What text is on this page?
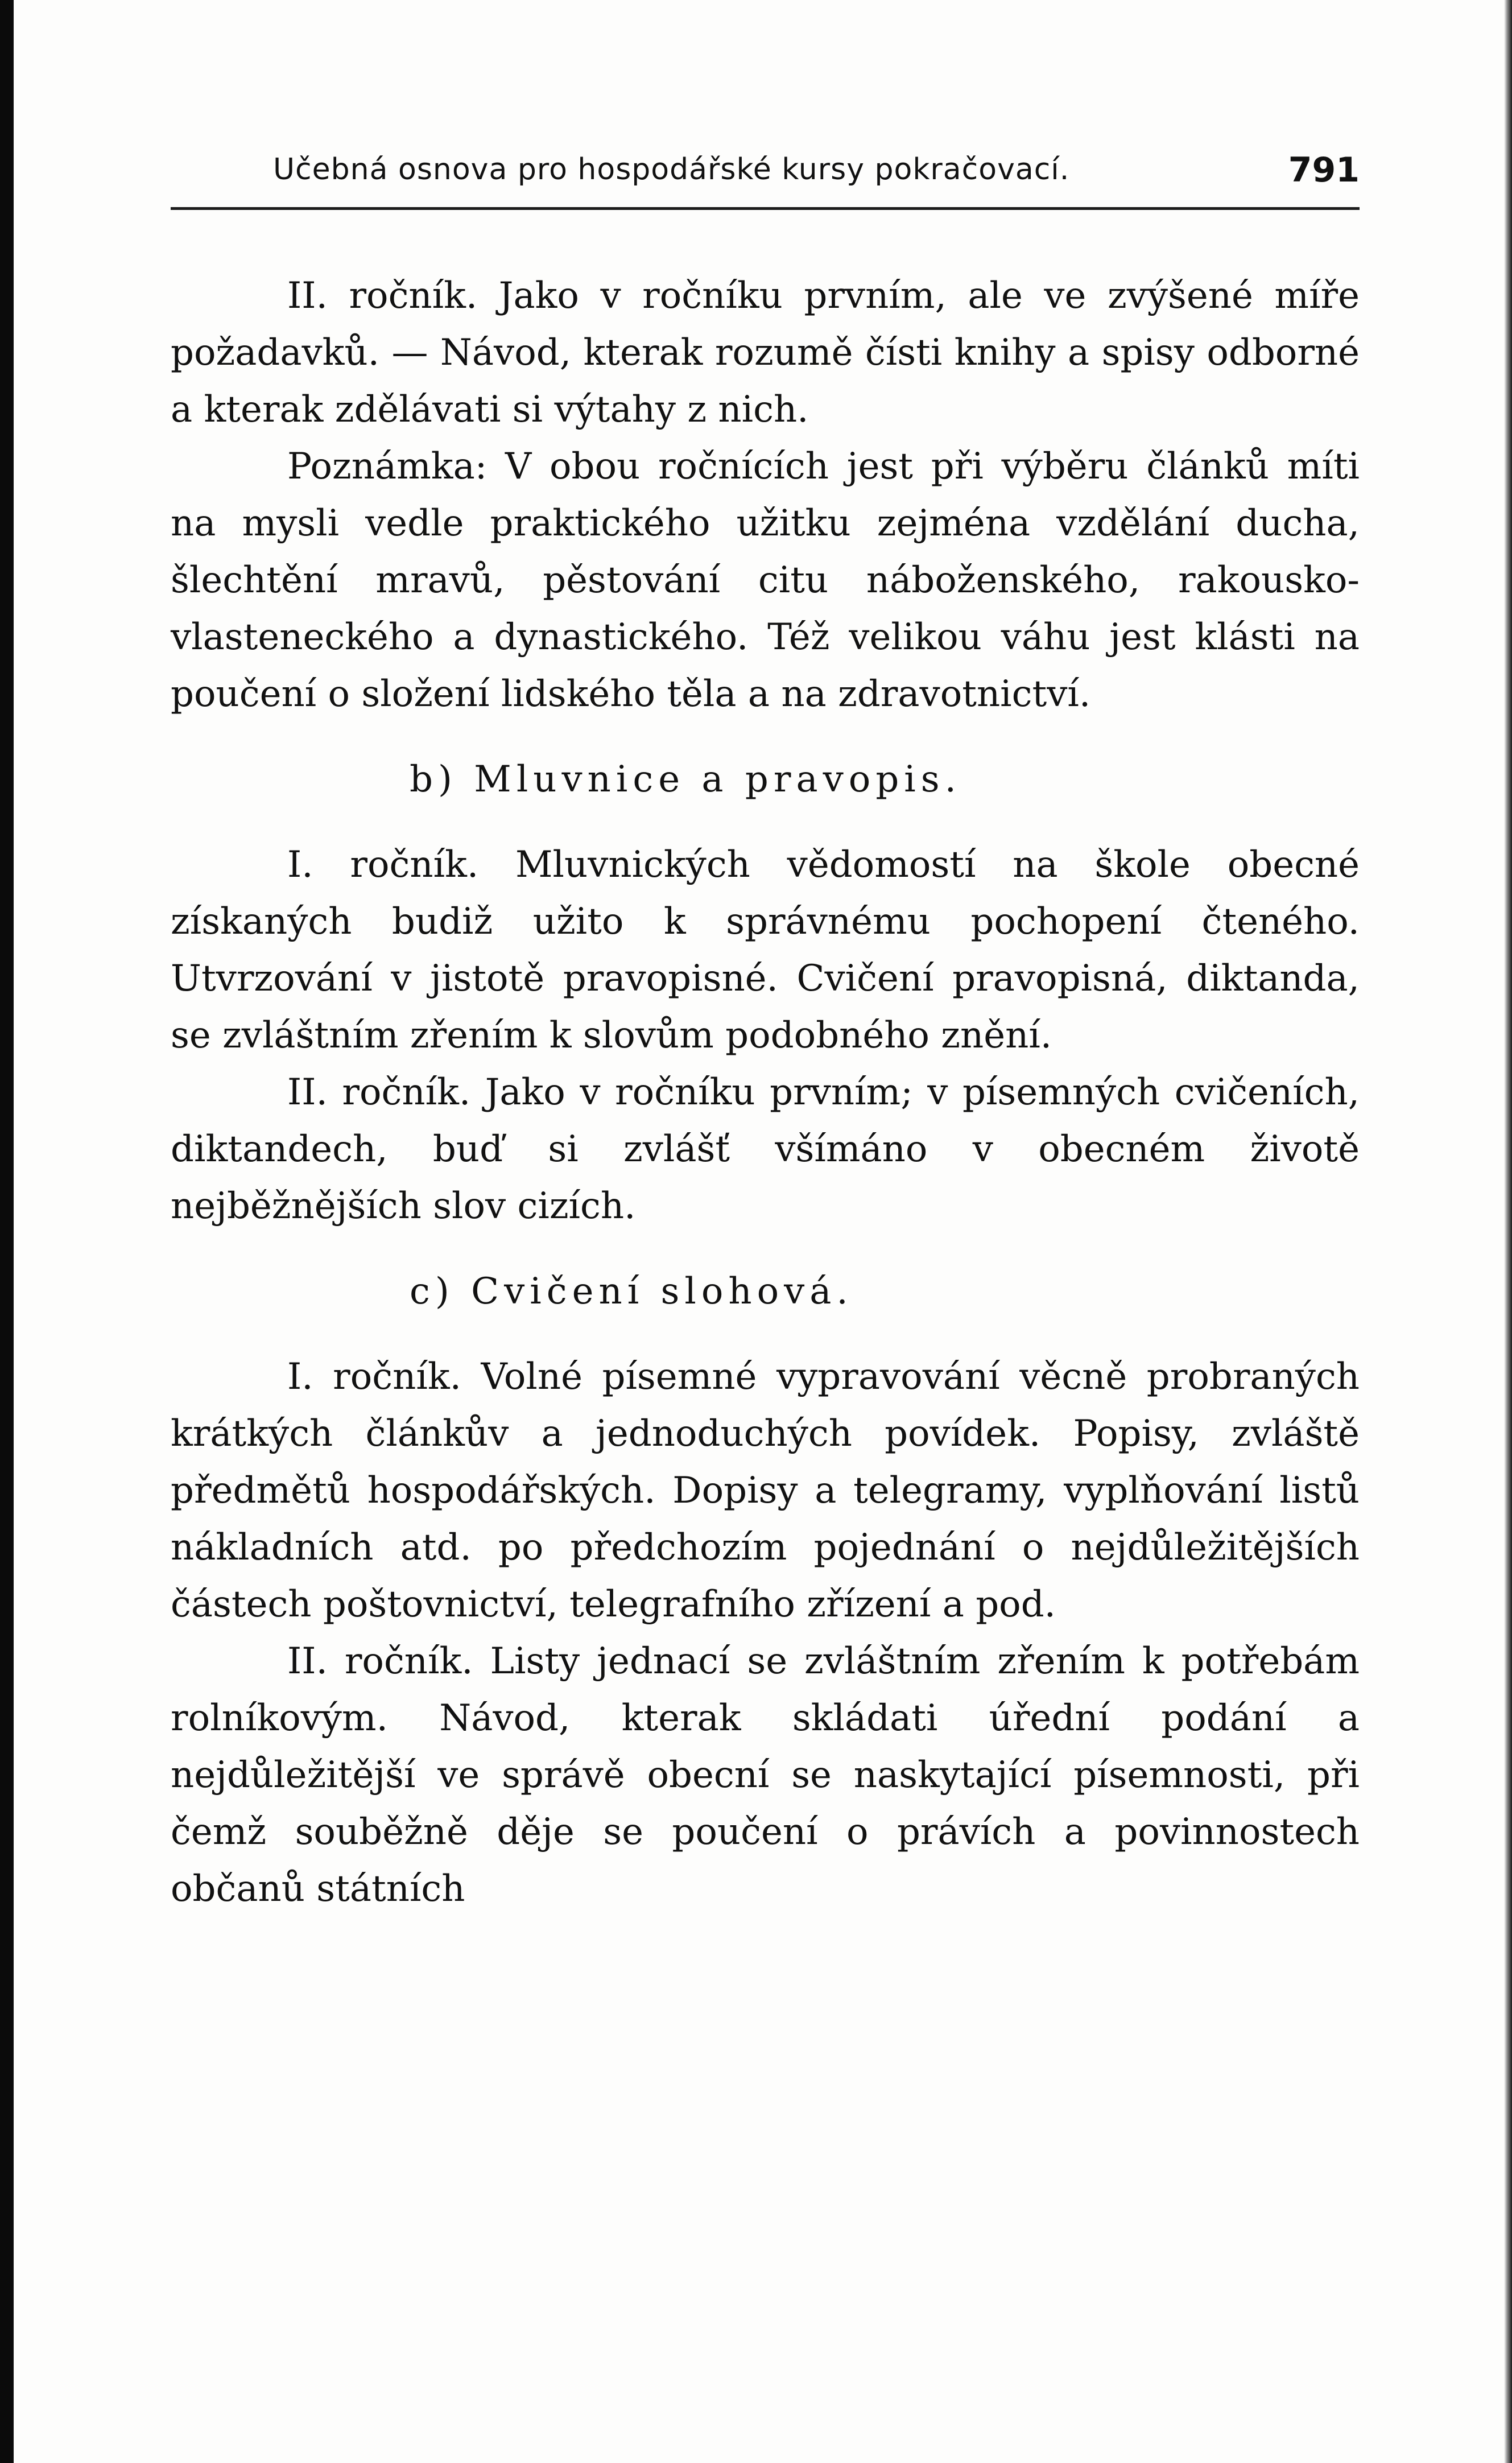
Učebná osnova pro hospodářské kursy pokračovací.	791

II. ročník. Jako v ročníku prvním, ale ve zvýšené míře požadavků. — Návod, kterak rozumě čísti knihy a spisy odborné a kterak zdělávati si výtahy z nich.

Poznámka: V obou ročnících jest při výběru článků míti na mysli vedle praktického užitku zejména vzdělání ducha, šlechtění mravů, pěstování citu náboženského, rakousko-vlasteneckého a dynastického. Též velikou váhu jest klásti na poučení o složení lidského těla a na zdravotnictví.

b) Mluvnice a pravopis.

I. ročník. Mluvnických vědomostí na škole obecné získaných budiž užito k správnému pochopení čteného. Utvrzování v jistotě pravopisné. Cvičení pravopisná, diktanda, se zvláštním zřením k slovům podobného znění.

II. ročník. Jako v ročníku prvním; v písemných cvičeních, diktandech, buď si zvlášť všímáno v obecném životě nejběžnějších slov cizích.

c) Cvičení slohová.

I. ročník. Volné písemné vypravování věcně probraných krátkých článkův a jednoduchých povídek. Popisy, zvláště předmětů hospodářských. Dopisy a telegramy, vyplňování listů nákladních atd. po předchozím pojednání o nejdůležitějších částech poštovnictví, telegrafního zřízení a pod.

II. ročník. Listy jednací se zvláštním zřením k potřebám rolníkovým. Návod, kterak skládati úřední podání a nejdůležitější ve správě obecní se naskytající písemnosti, při čemž souběžně děje se poučení o právích a povinnostech občanů státních
